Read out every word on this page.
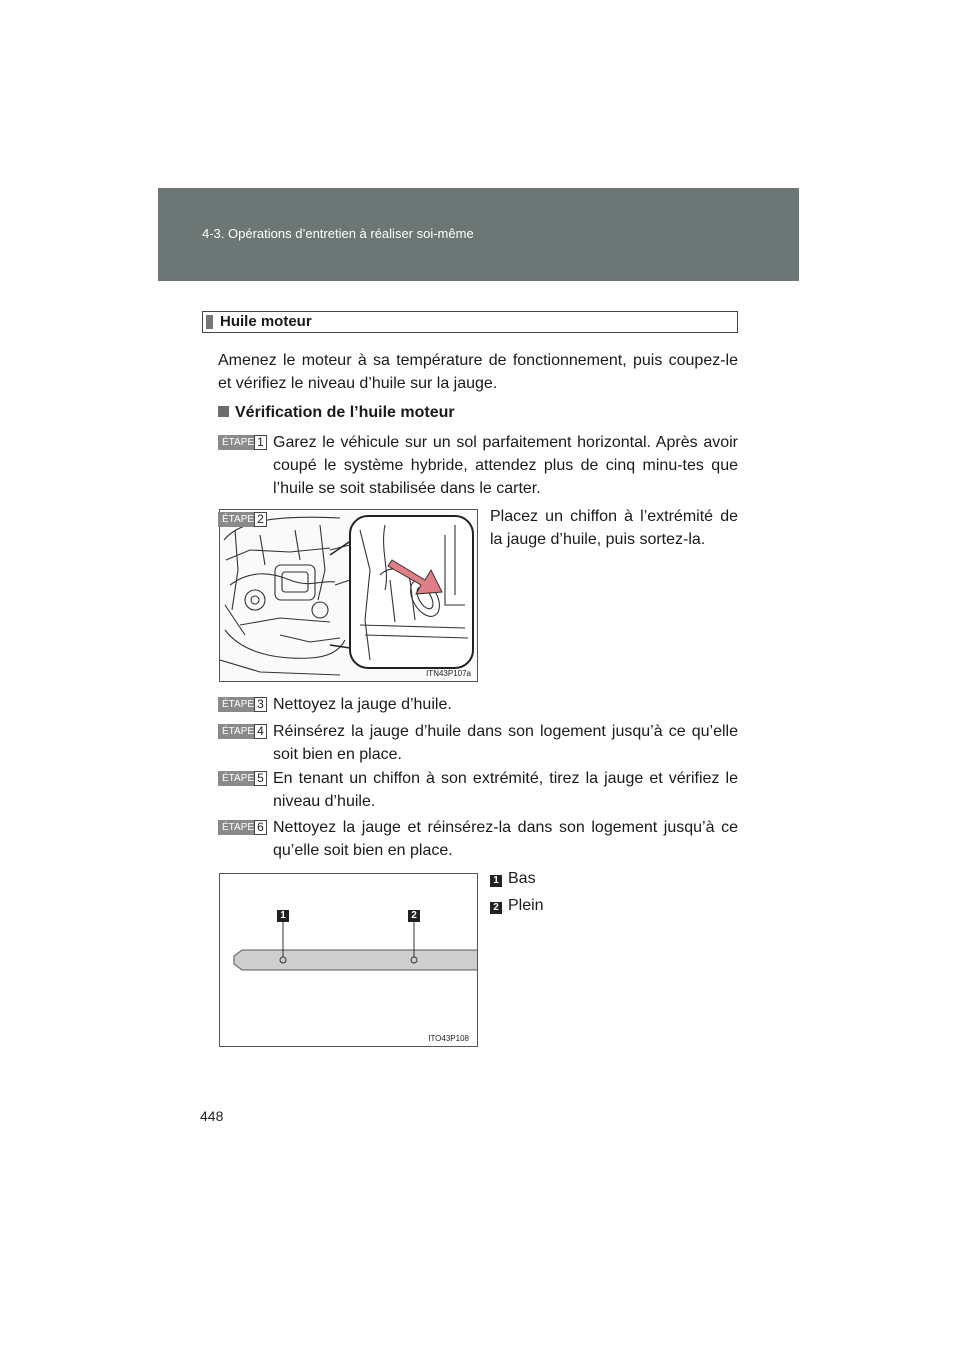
4-3. Opérations d’entretien à réaliser soi-même
Huile moteur
Amenez le moteur à sa température de fonctionnement, puis coupez-le et vérifiez le niveau d’huile sur la jauge.
Vérification de l’huile moteur
ÉTAPE 1 Garez le véhicule sur un sol parfaitement horizontal. Après avoir coupé le système hybride, attendez plus de cinq minu-tes que l’huile se soit stabilisée dans le carter.
ITN43P107a
ÉTAPE 2	Placez un chiffon à l’extrémité de la jauge d’huile, puis sortez-la.
ÉTAPE 3 Nettoyez la jauge d’huile.
ÉTAPE 4 Réinsérez la jauge d’huile dans son logement jusqu’à ce qu’elle soit bien en place.
ÉTAPE 5 En tenant un chiffon à son extrémité, tirez la jauge et vérifiez le niveau d’huile.
ÉTAPE 6 Nettoyez la jauge et réinsérez-la dans son logement jusqu’à ce qu’elle soit bien en place.
1	2
ITO43P108
1 Bas
2 Plein
448
